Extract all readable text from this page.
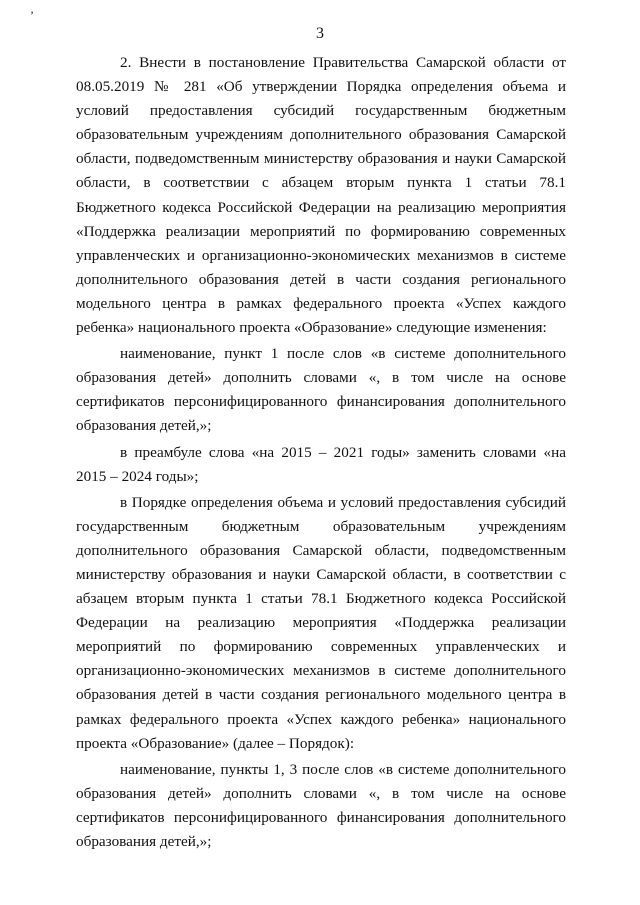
’
3

2. Внести в постановление Правительства Самарской области от 08.05.2019 № 281 «Об утверждении Порядка определения объема и условий предоставления субсидий государственным бюджетным образовательным учреждениям дополнительного образования Самарской области, подведомственным министерству образования и науки Самарской области, в соответствии с абзацем вторым пункта 1 статьи 78.1 Бюджетного кодекса Российской Федерации на реализацию мероприятия «Поддержка реализации мероприятий по формированию современных управленческих и организационно-экономических механизмов в системе дополнительного образования детей в части создания регионального модельного центра в рамках федерального проекта «Успех каждого ребенка» национального проекта «Образование» следующие изменения:

наименование, пункт 1 после слов «в системе дополнительного образования детей» дополнить словами «, в том числе на основе сертификатов персонифицированного финансирования дополнительного образования детей,»;

в преамбуле слова «на 2015 – 2021 годы» заменить словами «на 2015 – 2024 годы»;

в Порядке определения объема и условий предоставления субсидий государственным бюджетным образовательным учреждениям дополнительного образования Самарской области, подведомственным министерству образования и науки Самарской области, в соответствии с абзацем вторым пункта 1 статьи 78.1 Бюджетного кодекса Российской Федерации на реализацию мероприятия «Поддержка реализации мероприятий по формированию современных управленческих и организационно-экономических механизмов в системе дополнительного образования детей в части создания регионального модельного центра в рамках федерального проекта «Успех каждого ребенка» национального проекта «Образование» (далее – Порядок):

наименование, пункты 1, 3 после слов «в системе дополнительного образования детей» дополнить словами «, в том числе на основе сертификатов персонифицированного финансирования дополнительного образования детей,»;
